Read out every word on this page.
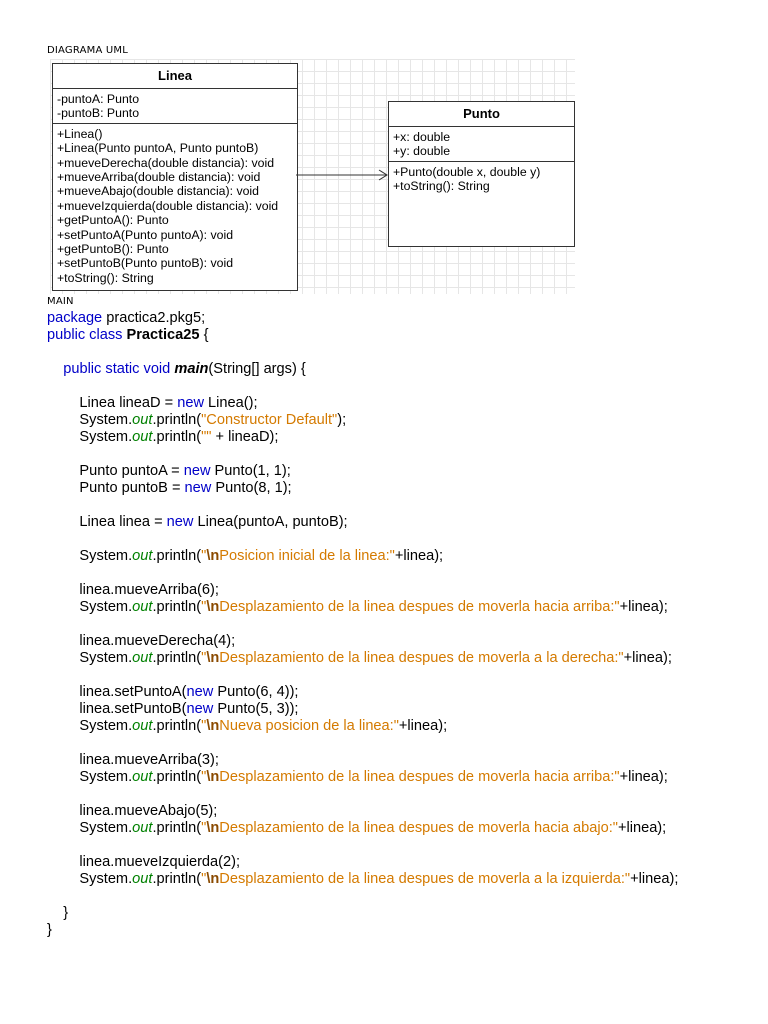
DIAGRAMA UML
Linea
-puntoA: Punto
-puntoB: Punto
+Linea()
+Linea(Punto puntoA, Punto puntoB)
+mueveDerecha(double distancia): void
+mueveArriba(double distancia): void
+mueveAbajo(double distancia): void
+mueveIzquierda(double distancia): void
+getPuntoA(): Punto
+setPuntoA(Punto puntoA): void
+getPuntoB(): Punto
+setPuntoB(Punto puntoB): void
+toString(): String
Punto
+x: double
+y: double
+Punto(double x, double y)
+toString(): String
MAIN
package practica2.pkg5;
public class Practica25 {
public static void main(String[] args) {
Linea lineaD = new Linea();
System.out.println("Constructor Default");
System.out.println("" + lineaD);
Punto puntoA = new Punto(1, 1);
Punto puntoB = new Punto(8, 1);
Linea linea = new Linea(puntoA, puntoB);
System.out.println("\nPosicion inicial de la linea:"+linea);
linea.mueveArriba(6);
System.out.println("\nDesplazamiento de la linea despues de moverla hacia arriba:"+linea);
linea.mueveDerecha(4);
System.out.println("\nDesplazamiento de la linea despues de moverla a la derecha:"+linea);
linea.setPuntoA(new Punto(6, 4));
linea.setPuntoB(new Punto(5, 3));
System.out.println("\nNueva posicion de la linea:"+linea);
linea.mueveArriba(3);
System.out.println("\nDesplazamiento de la linea despues de moverla hacia arriba:"+linea);
linea.mueveAbajo(5);
System.out.println("\nDesplazamiento de la linea despues de moverla hacia abajo:"+linea);
linea.mueveIzquierda(2);
System.out.println("\nDesplazamiento de la linea despues de moverla a la izquierda:"+linea);
}
}
